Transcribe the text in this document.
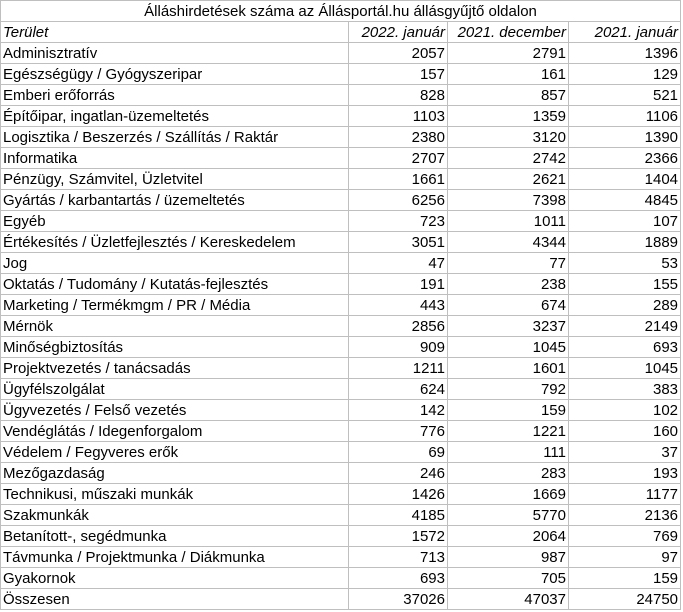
Álláshirdetések száma az Állásportál.hu állásgyűjtő oldalon			
Terület	2022. január	2021. december	2021. január
Adminisztratív	2057	2791	1396
Egészségügy / Gyógyszeripar	157	161	129
Emberi erőforrás	828	857	521
Építőipar, ingatlan-üzemeltetés	1103	1359	1106
Logisztika / Beszerzés / Szállítás / Raktár	2380	3120	1390
Informatika	2707	2742	2366
Pénzügy, Számvitel, Üzletvitel	1661	2621	1404
Gyártás / karbantartás / üzemeltetés	6256	7398	4845
Egyéb	723	1011	107
Értékesítés / Üzletfejlesztés / Kereskedelem	3051	4344	1889
Jog	47	77	53
Oktatás / Tudomány / Kutatás-fejlesztés	191	238	155
Marketing / Termékmgm / PR / Média	443	674	289
Mérnök	2856	3237	2149
Minőségbiztosítás	909	1045	693
Projektvezetés / tanácsadás	1211	1601	1045
Ügyfélszolgálat	624	792	383
Ügyvezetés / Felső vezetés	142	159	102
Vendéglátás / Idegenforgalom	776	1221	160
Védelem / Fegyveres erők	69	111	37
Mezőgazdaság	246	283	193
Technikusi, műszaki munkák	1426	1669	1177
Szakmunkák	4185	5770	2136
Betanított-, segédmunka	1572	2064	769
Távmunka / Projektmunka / Diákmunka	713	987	97
Gyakornok	693	705	159
Összesen	37026	47037	24750
